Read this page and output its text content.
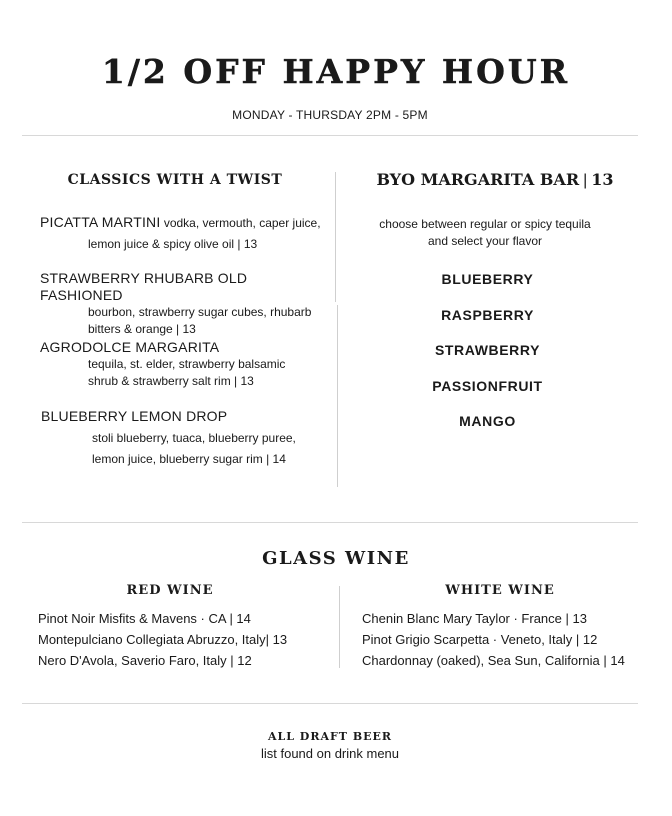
1/2 OFF HAPPY HOUR
MONDAY - THURSDAY 2PM - 5PM
CLASSICS WITH A TWIST
PICATTA MARTINI vodka, vermouth, caper juice,
lemon juice & spicy olive oil | 13
STRAWBERRY RHUBARB OLD FASHIONED
bourbon, strawberry sugar cubes, rhubarb
bitters & orange | 13
AGRODOLCE MARGARITA
tequila, st. elder, strawberry balsamic
shrub & strawberry salt rim | 13
BLUEBERRY LEMON DROP
stoli blueberry, tuaca, blueberry puree,
lemon juice, blueberry sugar rim | 14
BYO MARGARITA BAR | 13
choose between regular or spicy tequila
and select your flavor
BLUEBERRY
RASPBERRY
STRAWBERRY
PASSIONFRUIT
MANGO
GLASS WINE
RED WINE	WHITE WINE
Pinot Noir Misfits & Mavens · CA | 14
Montepulciano Collegiata Abruzzo, Italy| 13
Nero D'Avola, Saverio Faro, Italy | 12
Chenin Blanc Mary Taylor · France | 13
Pinot Grigio Scarpetta · Veneto, Italy | 12
Chardonnay (oaked), Sea Sun, California | 14
ALL DRAFT BEER
list found on drink menu
